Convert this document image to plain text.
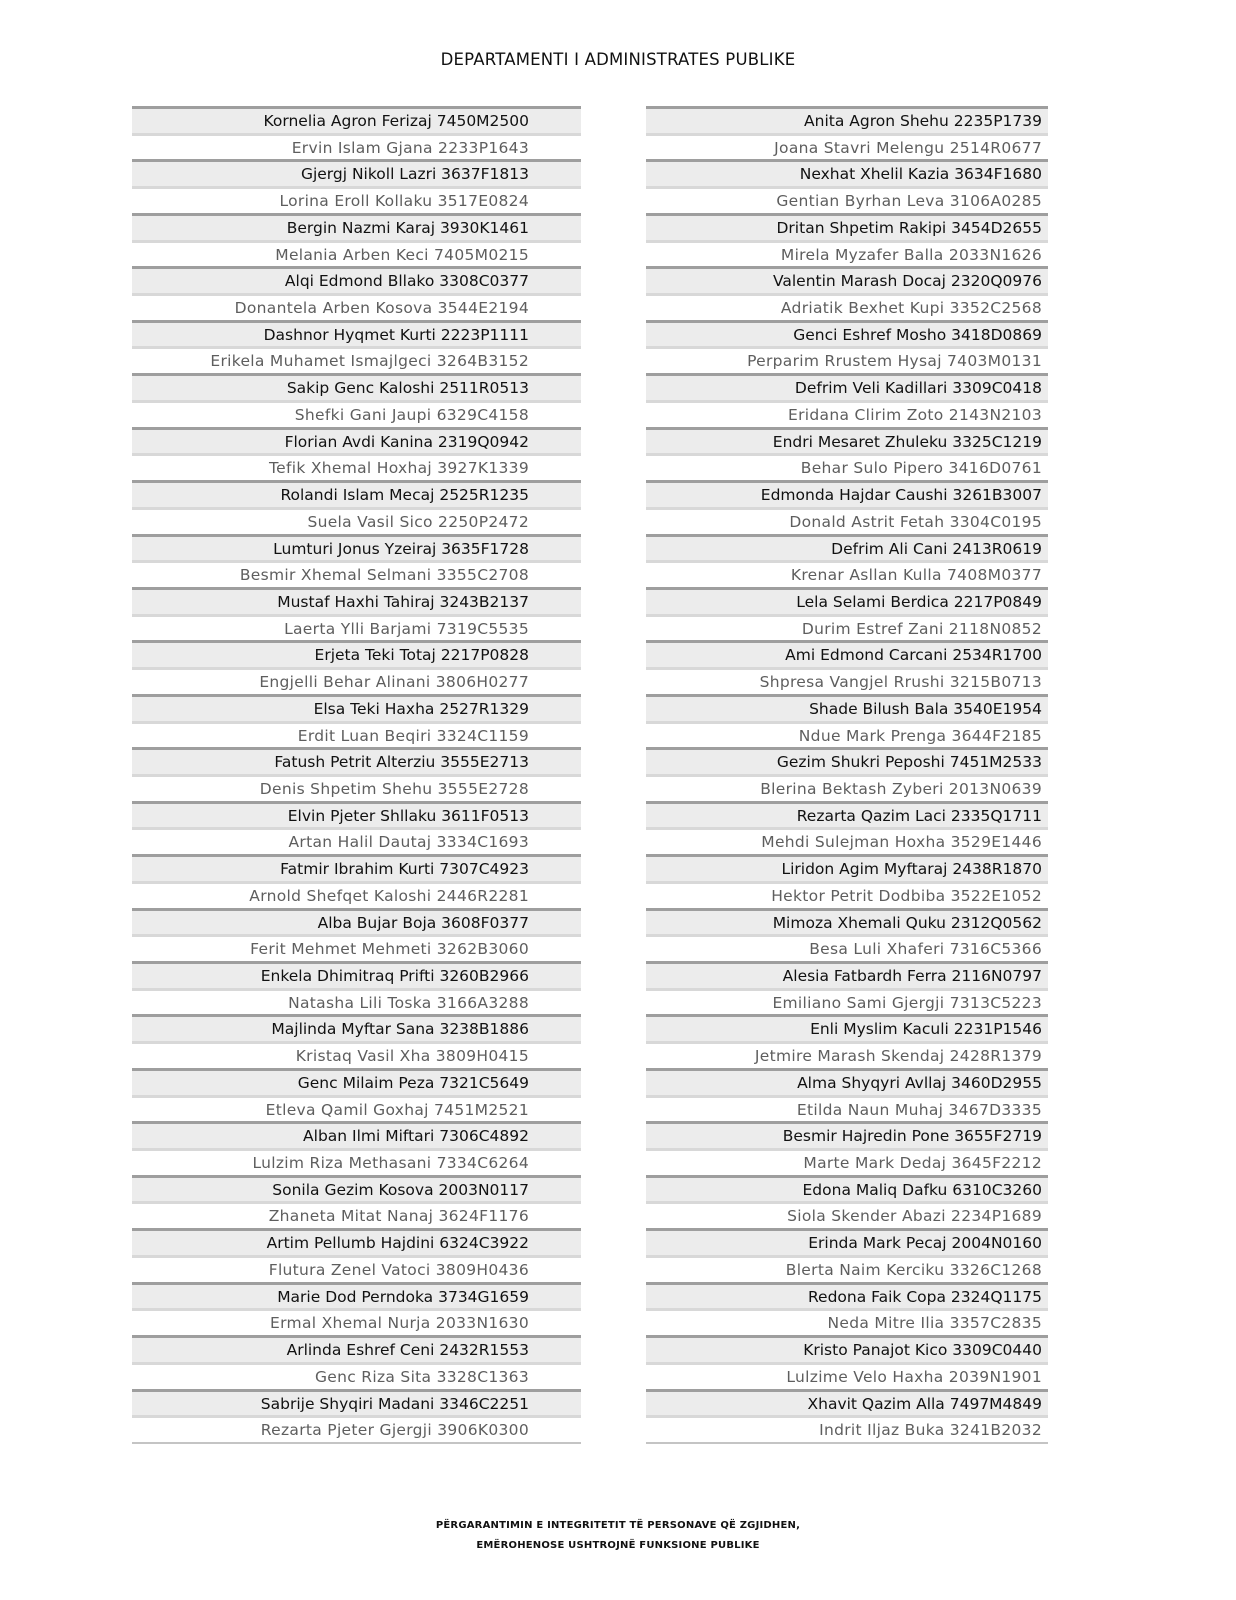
DEPARTAMENTI I ADMINISTRATES PUBLIKE
Kornelia Agron Ferizaj 7450M2500
Ervin Islam Gjana 2233P1643
Gjergj Nikoll Lazri 3637F1813
Lorina Eroll Kollaku 3517E0824
Bergin Nazmi Karaj 3930K1461
Melania Arben Keci 7405M0215
Alqi Edmond Bllako 3308C0377
Donantela Arben Kosova 3544E2194
Dashnor Hyqmet Kurti 2223P1111
Erikela Muhamet Ismajlgeci 3264B3152
Sakip Genc Kaloshi 2511R0513
Shefki Gani Jaupi 6329C4158
Florian Avdi Kanina 2319Q0942
Tefik Xhemal Hoxhaj 3927K1339
Rolandi Islam Mecaj 2525R1235
Suela Vasil Sico 2250P2472
Lumturi Jonus Yzeiraj 3635F1728
Besmir Xhemal Selmani 3355C2708
Mustaf Haxhi Tahiraj 3243B2137
Laerta Ylli Barjami 7319C5535
Erjeta Teki Totaj 2217P0828
Engjelli Behar Alinani 3806H0277
Elsa Teki Haxha 2527R1329
Erdit Luan Beqiri 3324C1159
Fatush Petrit Alterziu 3555E2713
Denis Shpetim Shehu 3555E2728
Elvin Pjeter Shllaku 3611F0513
Artan Halil Dautaj 3334C1693
Fatmir Ibrahim Kurti 7307C4923
Arnold Shefqet Kaloshi 2446R2281
Alba Bujar Boja 3608F0377
Ferit Mehmet Mehmeti 3262B3060
Enkela Dhimitraq Prifti 3260B2966
Natasha Lili Toska 3166A3288
Majlinda Myftar Sana 3238B1886
Kristaq Vasil Xha 3809H0415
Genc Milaim Peza 7321C5649
Etleva Qamil Goxhaj 7451M2521
Alban Ilmi Miftari 7306C4892
Lulzim Riza Methasani 7334C6264
Sonila Gezim Kosova 2003N0117
Zhaneta Mitat Nanaj 3624F1176
Artim Pellumb Hajdini 6324C3922
Flutura Zenel Vatoci 3809H0436
Marie Dod Perndoka 3734G1659
Ermal Xhemal Nurja 2033N1630
Arlinda Eshref Ceni 2432R1553
Genc Riza Sita 3328C1363
Sabrije Shyqiri Madani 3346C2251
Rezarta Pjeter Gjergji 3906K0300
Anita Agron Shehu 2235P1739
Joana Stavri Melengu 2514R0677
Nexhat Xhelil Kazia 3634F1680
Gentian Byrhan Leva 3106A0285
Dritan Shpetim Rakipi 3454D2655
Mirela Myzafer Balla 2033N1626
Valentin Marash Docaj 2320Q0976
Adriatik Bexhet Kupi 3352C2568
Genci Eshref Mosho 3418D0869
Perparim Rrustem Hysaj 7403M0131
Defrim Veli Kadillari 3309C0418
Eridana Clirim Zoto 2143N2103
Endri Mesaret Zhuleku 3325C1219
Behar Sulo Pipero 3416D0761
Edmonda Hajdar Caushi 3261B3007
Donald Astrit Fetah 3304C0195
Defrim Ali Cani 2413R0619
Krenar Asllan Kulla 7408M0377
Lela Selami Berdica 2217P0849
Durim Estref Zani 2118N0852
Ami Edmond Carcani 2534R1700
Shpresa Vangjel Rrushi 3215B0713
Shade Bilush Bala 3540E1954
Ndue Mark Prenga 3644F2185
Gezim Shukri Peposhi 7451M2533
Blerina Bektash Zyberi 2013N0639
Rezarta Qazim Laci 2335Q1711
Mehdi Sulejman Hoxha 3529E1446
Liridon Agim Myftaraj 2438R1870
Hektor Petrit Dodbiba 3522E1052
Mimoza Xhemali Quku 2312Q0562
Besa Luli Xhaferi 7316C5366
Alesia Fatbardh Ferra 2116N0797
Emiliano Sami Gjergji 7313C5223
Enli Myslim Kaculi 2231P1546
Jetmire Marash Skendaj 2428R1379
Alma Shyqyri Avllaj 3460D2955
Etilda Naun Muhaj 3467D3335
Besmir Hajredin Pone 3655F2719
Marte Mark Dedaj 3645F2212
Edona Maliq Dafku 6310C3260
Siola Skender Abazi 2234P1689
Erinda Mark Pecaj 2004N0160
Blerta Naim Kerciku 3326C1268
Redona Faik Copa 2324Q1175
Neda Mitre Ilia 3357C2835
Kristo Panajot Kico 3309C0440
Lulzime Velo Haxha 2039N1901
Xhavit Qazim Alla 7497M4849
Indrit Iljaz Buka 3241B2032
PËRGARANTIMIN E INTEGRITETIT TË PERSONAVE QË ZGJIDHEN,
EMËROHENOSE USHTROJNË FUNKSIONE PUBLIKE
